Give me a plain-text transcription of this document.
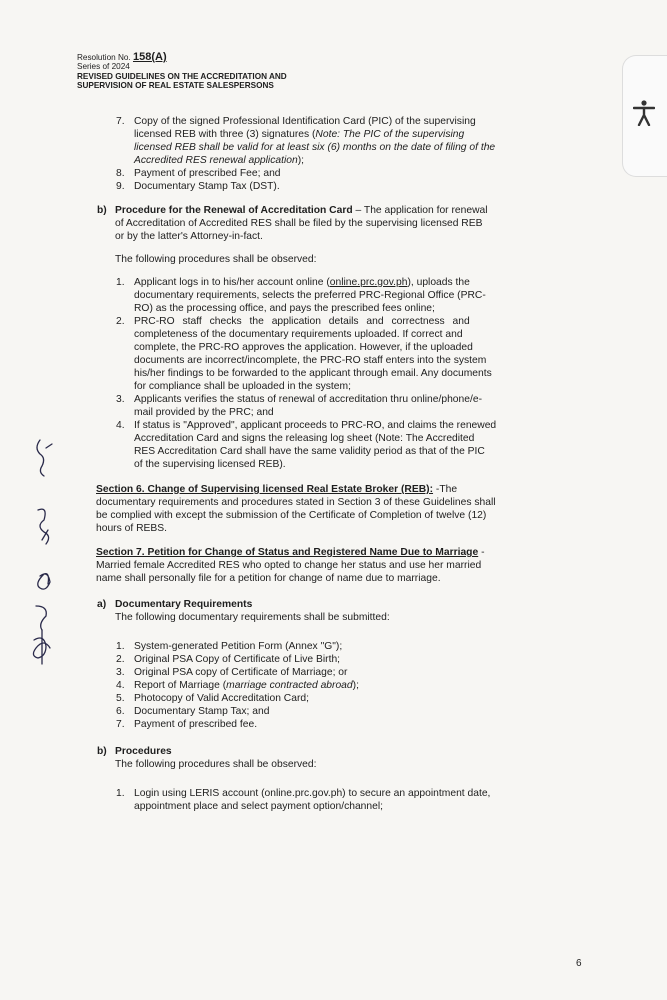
Resolution No. 158(A)
Series of 2024
REVISED GUIDELINES ON THE ACCREDITATION AND
SUPERVISION OF REAL ESTATE SALESPERSONS
7. Copy of the signed Professional Identification Card (PIC) of the supervising
licensed REB with three (3) signatures (Note: The PIC of the supervising
licensed REB shall be valid for at least six (6) months on the date of filing of the
Accredited RES renewal application);
8. Payment of prescribed Fee; and
9. Documentary Stamp Tax (DST).
b) Procedure for the Renewal of Accreditation Card – The application for renewal
of Accreditation of Accredited RES shall be filed by the supervising licensed REB
or by the latter's Attorney-in-fact.
The following procedures shall be observed:
1. Applicant logs in to his/her account online (online.prc.gov.ph), uploads the
documentary requirements, selects the preferred PRC-Regional Office (PRC-
RO) as the processing office, and pays the prescribed fees online;
2. PRC-RO staff checks the application details and correctness and
completeness of the documentary requirements uploaded. If correct and
complete, the PRC-RO approves the application. However, if the uploaded
documents are incorrect/incomplete, the PRC-RO staff enters into the system
his/her findings to be forwarded to the applicant through email. Any documents
for compliance shall be uploaded in the system;
3. Applicants verifies the status of renewal of accreditation thru online/phone/e-
mail provided by the PRC; and
4. If status is "Approved", applicant proceeds to PRC-RO, and claims the renewed
Accreditation Card and signs the releasing log sheet (Note: The Accredited
RES Accreditation Card shall have the same validity period as that of the PIC
of the supervising licensed REB).
Section 6. Change of Supervising licensed Real Estate Broker (REB): -The
documentary requirements and procedures stated in Section 3 of these Guidelines shall
be complied with except the submission of the Certificate of Completion of twelve (12)
hours of REBS.
Section 7. Petition for Change of Status and Registered Name Due to Marriage -
Married female Accredited RES who opted to change her status and use her married
name shall personally file for a petition for change of name due to marriage.
a) Documentary Requirements
The following documentary requirements shall be submitted:
1. System-generated Petition Form (Annex "G");
2. Original PSA Copy of Certificate of Live Birth;
3. Original PSA copy of Certificate of Marriage; or
4. Report of Marriage (marriage contracted abroad);
5. Photocopy of Valid Accreditation Card;
6. Documentary Stamp Tax; and
7. Payment of prescribed fee.
b) Procedures
The following procedures shall be observed:
1. Login using LERIS account (online.prc.gov.ph) to secure an appointment date,
appointment place and select payment option/channel;
6
